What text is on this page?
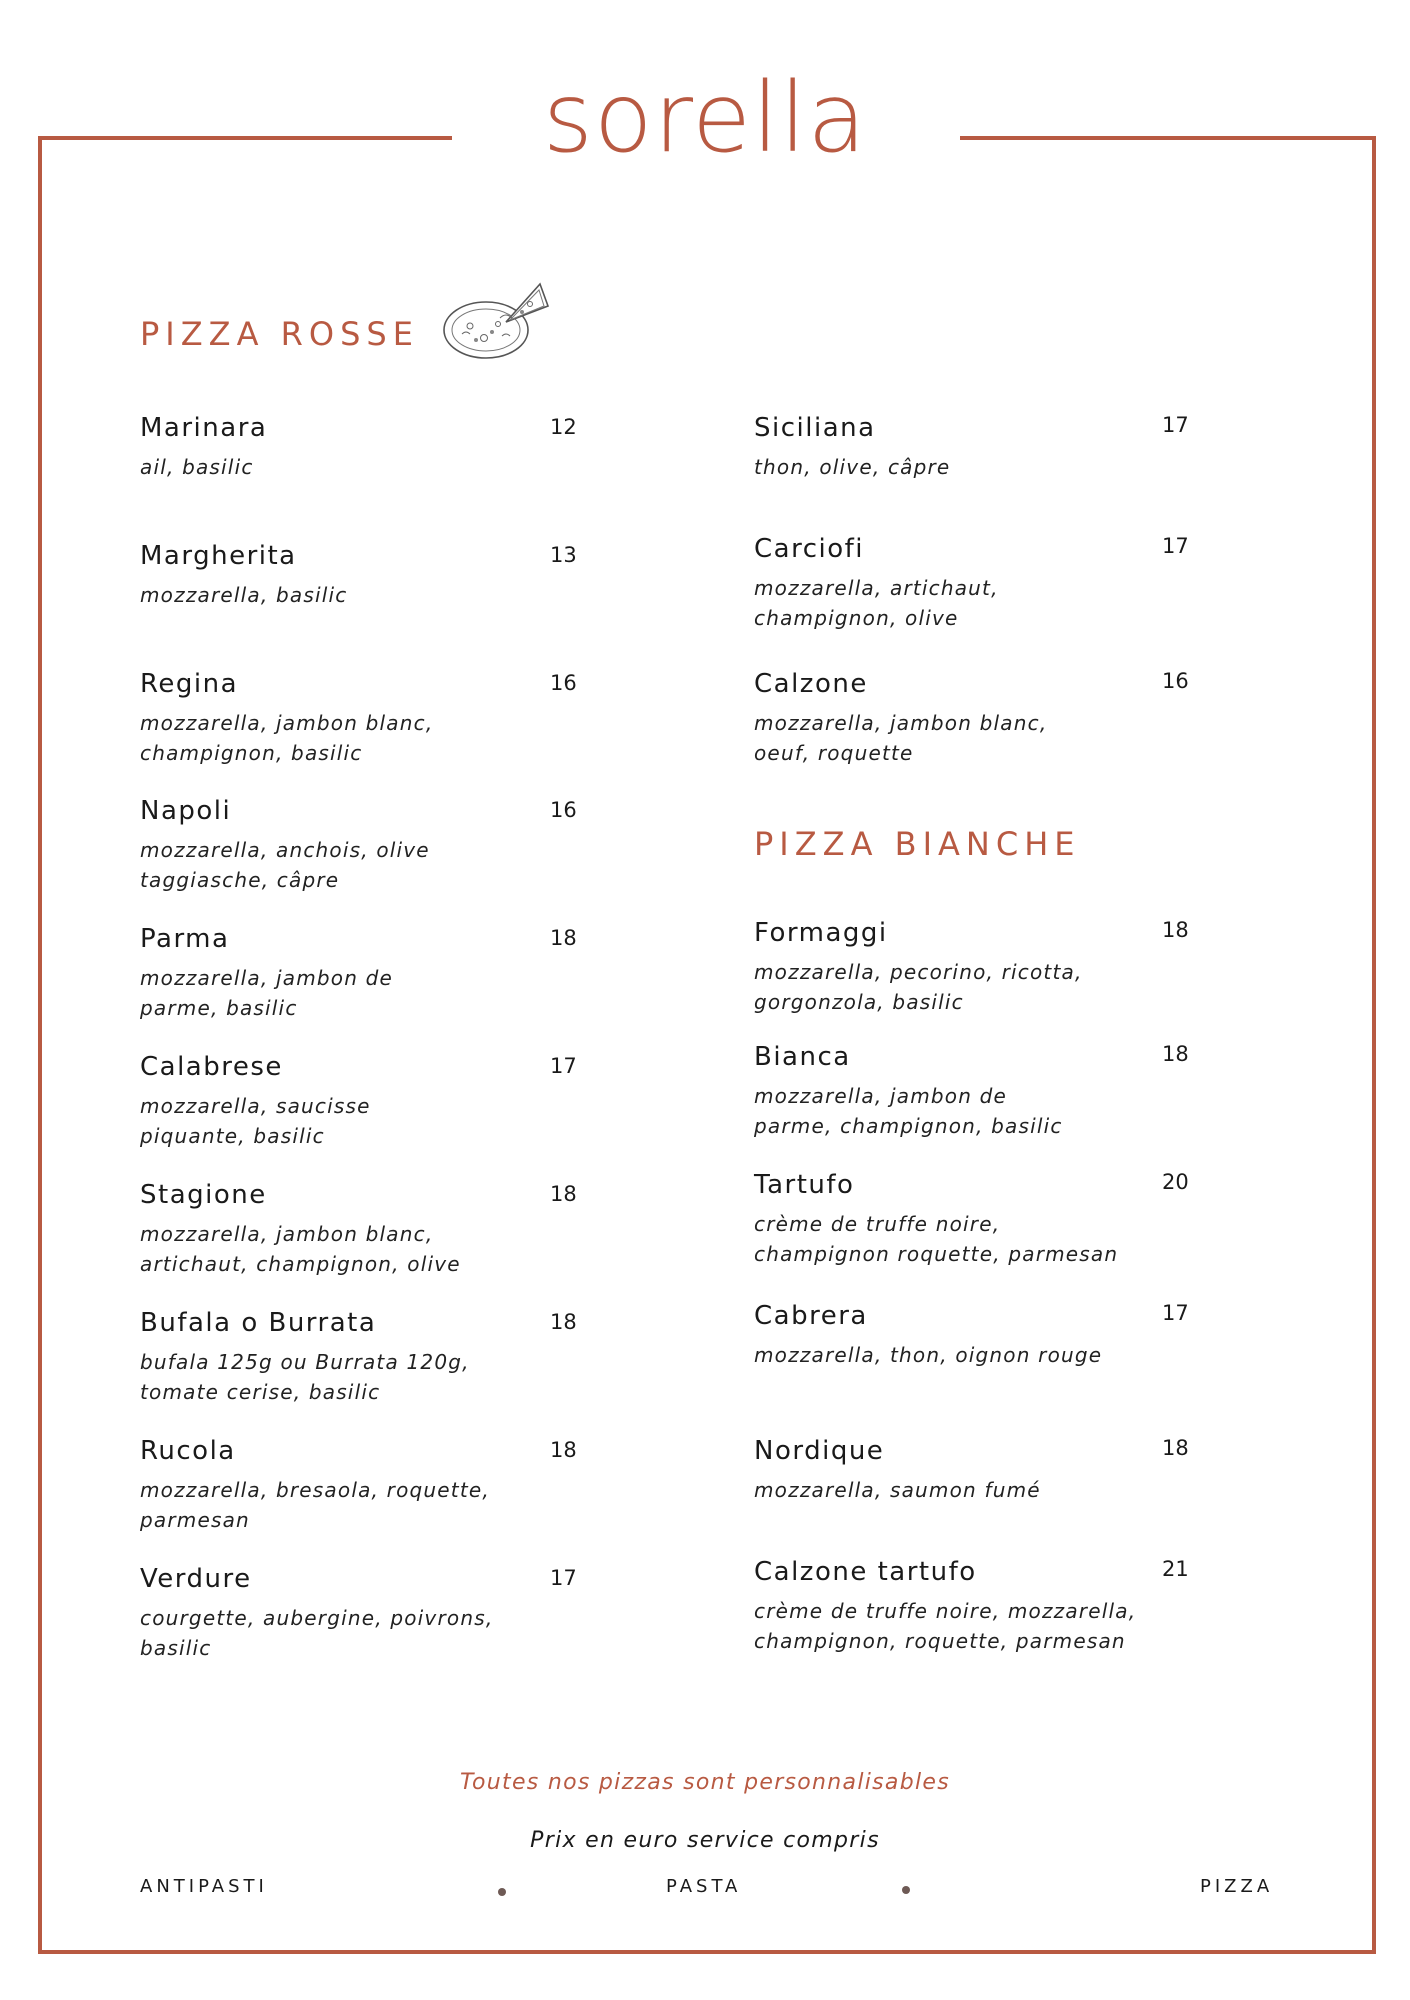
sorella
PIZZA ROSSE
PIZZA BIANCHE
Marinara	12
ail, basilic
Margherita	13
mozzarella, basilic
Regina	16
mozzarella, jambon blanc,
champignon, basilic
Napoli	16
mozzarella, anchois, olive
taggiasche, câpre
Parma	18
mozzarella, jambon de
parme, basilic
Calabrese	17
mozzarella, saucisse
piquante, basilic
Stagione	18
mozzarella, jambon blanc,
artichaut, champignon, olive
Bufala o Burrata	18
bufala 125g ou Burrata 120g,
tomate cerise, basilic
Rucola	18
mozzarella, bresaola, roquette,
parmesan
Verdure	17
courgette, aubergine, poivrons,
basilic
Siciliana	17
thon, olive, câpre
Carciofi	17
mozzarella, artichaut,
champignon, olive
Calzone	16
mozzarella, jambon blanc,
oeuf, roquette
Formaggi	18
mozzarella, pecorino, ricotta,
gorgonzola, basilic
Bianca	18
mozzarella, jambon de
parme, champignon, basilic
Tartufo	20
crème de truffe noire,
champignon roquette, parmesan
Cabrera	17
mozzarella, thon, oignon rouge
Nordique	18
mozzarella, saumon fumé
Calzone tartufo	21
crème de truffe noire, mozzarella,
champignon, roquette, parmesan
Toutes nos pizzas sont personnalisables
Prix en euro service compris
ANTIPASTI	PASTA	PIZZA
